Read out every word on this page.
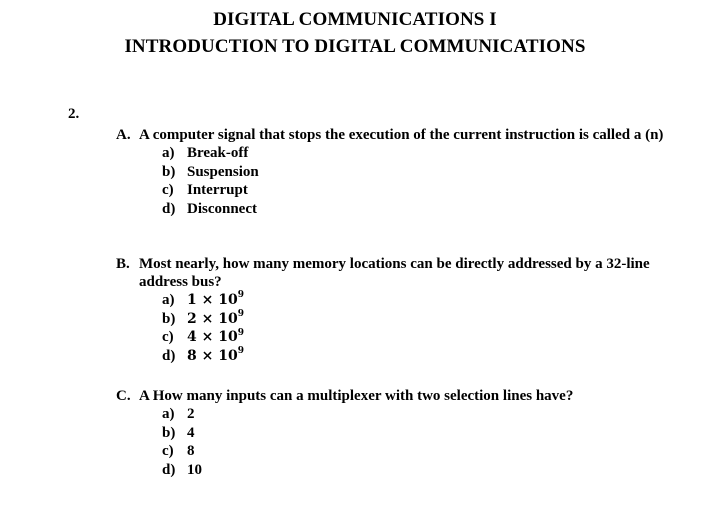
DIGITAL COMMUNICATIONS I
INTRODUCTION TO DIGITAL COMMUNICATIONS
2.
A. A computer signal that stops the execution of the current instruction is called a (n)
a) Break-off
b) Suspension
c) Interrupt
d) Disconnect
B. Most nearly, how many memory locations can be directly addressed by a 32-line address bus?
a) $1 \times 10^9$
b) $2 \times 10^9$
c) $4 \times 10^9$
d) $8 \times 10^9$
C. A How many inputs can a multiplexer with two selection lines have?
a) 2
b) 4
c) 8
d) 10
